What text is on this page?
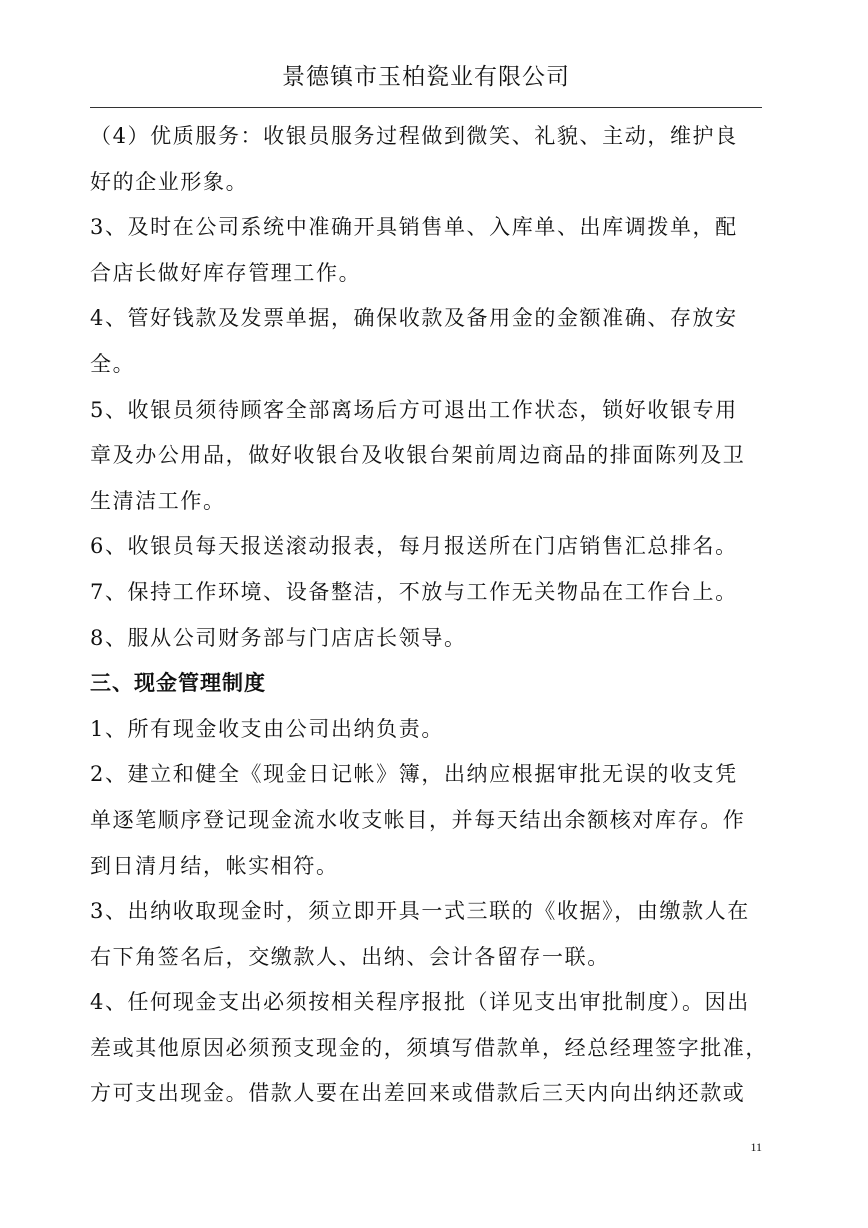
景德镇市玉柏瓷业有限公司

（4）优质服务：收银员服务过程做到微笑、礼貌、主动，维护良
好的企业形象。

3、及时在公司系统中准确开具销售单、入库单、出库调拨单，配
合店长做好库存管理工作。

4、管好钱款及发票单据，确保收款及备用金的金额准确、存放安
全。

5、收银员须待顾客全部离场后方可退出工作状态，锁好收银专用
章及办公用品，做好收银台及收银台架前周边商品的排面陈列及卫
生清洁工作。

6、收银员每天报送滚动报表，每月报送所在门店销售汇总排名。

7、保持工作环境、设备整洁，不放与工作无关物品在工作台上。

8、服从公司财务部与门店店长领导。

三、现金管理制度

1、所有现金收支由公司出纳负责。

2、建立和健全《现金日记帐》簿，出纳应根据审批无误的收支凭
单逐笔顺序登记现金流水收支帐目，并每天结出余额核对库存。作
到日清月结，帐实相符。

3、出纳收取现金时，须立即开具一式三联的《收据》，由缴款人在
右下角签名后，交缴款人、出纳、会计各留存一联。

4、任何现金支出必须按相关程序报批（详见支出审批制度）。因出
差或其他原因必须预支现金的，须填写借款单，经总经理签字批准，
方可支出现金。借款人要在出差回来或借款后三天内向出纳还款或

11
